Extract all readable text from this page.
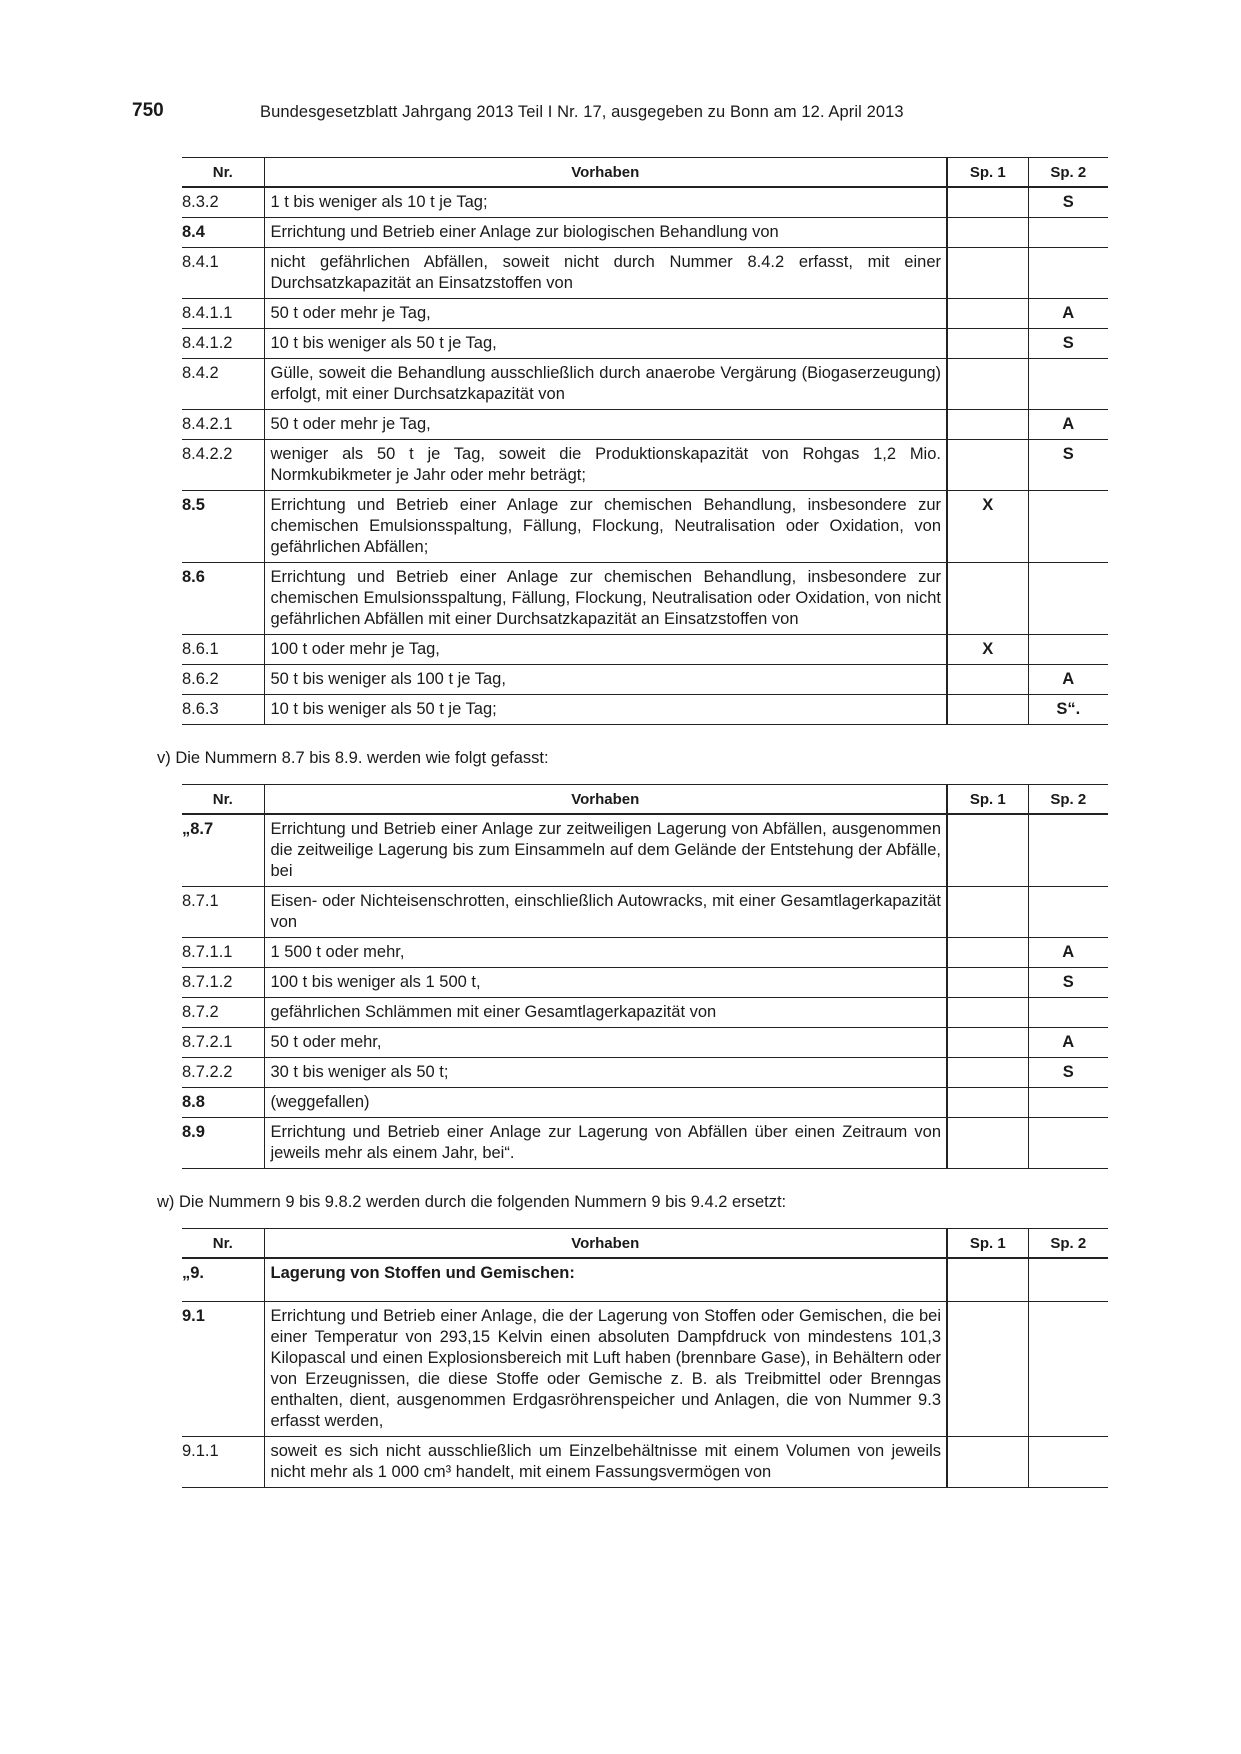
750	Bundesgesetzblatt Jahrgang 2013 Teil I Nr. 17, ausgegeben zu Bonn am 12. April 2013
Nr.	Vorhaben	Sp. 1	Sp. 2
8.3.2	1 t bis weniger als 10 t je Tag;		S
8.4	Errichtung und Betrieb einer Anlage zur biologischen Behandlung von		
8.4.1	nicht gefährlichen Abfällen, soweit nicht durch Nummer 8.4.2 erfasst, mit einer Durchsatzkapazität an Einsatzstoffen von		
8.4.1.1	50 t oder mehr je Tag,		A
8.4.1.2	10 t bis weniger als 50 t je Tag,		S
8.4.2	Gülle, soweit die Behandlung ausschließlich durch anaerobe Vergärung (Biogaserzeugung) erfolgt, mit einer Durchsatzkapazität von		
8.4.2.1	50 t oder mehr je Tag,		A
8.4.2.2	weniger als 50 t je Tag, soweit die Produktionskapazität von Rohgas 1,2 Mio. Normkubikmeter je Jahr oder mehr beträgt;		S
8.5	Errichtung und Betrieb einer Anlage zur chemischen Behandlung, insbesondere zur chemischen Emulsionsspaltung, Fällung, Flockung, Neutralisation oder Oxidation, von gefährlichen Abfällen;	X	
8.6	Errichtung und Betrieb einer Anlage zur chemischen Behandlung, insbesondere zur chemischen Emulsionsspaltung, Fällung, Flockung, Neutralisation oder Oxidation, von nicht gefährlichen Abfällen mit einer Durchsatzkapazität an Einsatzstoffen von		
8.6.1	100 t oder mehr je Tag,	X	
8.6.2	50 t bis weniger als 100 t je Tag,		A
8.6.3	10 t bis weniger als 50 t je Tag;		S“.
v) Die Nummern 8.7 bis 8.9. werden wie folgt gefasst:
Nr.	Vorhaben	Sp. 1	Sp. 2
„8.7	Errichtung und Betrieb einer Anlage zur zeitweiligen Lagerung von Abfällen, ausgenommen die zeitweilige Lagerung bis zum Einsammeln auf dem Gelände der Entstehung der Abfälle, bei		
8.7.1	Eisen- oder Nichteisenschrotten, einschließlich Autowracks, mit einer Gesamtlagerkapazität von		
8.7.1.1	1 500 t oder mehr,		A
8.7.1.2	100 t bis weniger als 1 500 t,		S
8.7.2	gefährlichen Schlämmen mit einer Gesamtlagerkapazität von		
8.7.2.1	50 t oder mehr,		A
8.7.2.2	30 t bis weniger als 50 t;		S
8.8	(weggefallen)		
8.9	Errichtung und Betrieb einer Anlage zur Lagerung von Abfällen über einen Zeitraum von jeweils mehr als einem Jahr, bei“.		
w) Die Nummern 9 bis 9.8.2 werden durch die folgenden Nummern 9 bis 9.4.2 ersetzt:
Nr.	Vorhaben	Sp. 1	Sp. 2
„9.	Lagerung von Stoffen und Gemischen:		
9.1	Errichtung und Betrieb einer Anlage, die der Lagerung von Stoffen oder Gemischen, die bei einer Temperatur von 293,15 Kelvin einen absoluten Dampfdruck von mindestens 101,3 Kilopascal und einen Explosionsbereich mit Luft haben (brennbare Gase), in Behältern oder von Erzeugnissen, die diese Stoffe oder Gemische z. B. als Treibmittel oder Brenngas enthalten, dient, ausgenommen Erdgasröhrenspeicher und Anlagen, die von Nummer 9.3 erfasst werden,		
9.1.1	soweit es sich nicht ausschließlich um Einzelbehältnisse mit einem Volumen von jeweils nicht mehr als 1 000 cm³ handelt, mit einem Fassungsvermögen von		
